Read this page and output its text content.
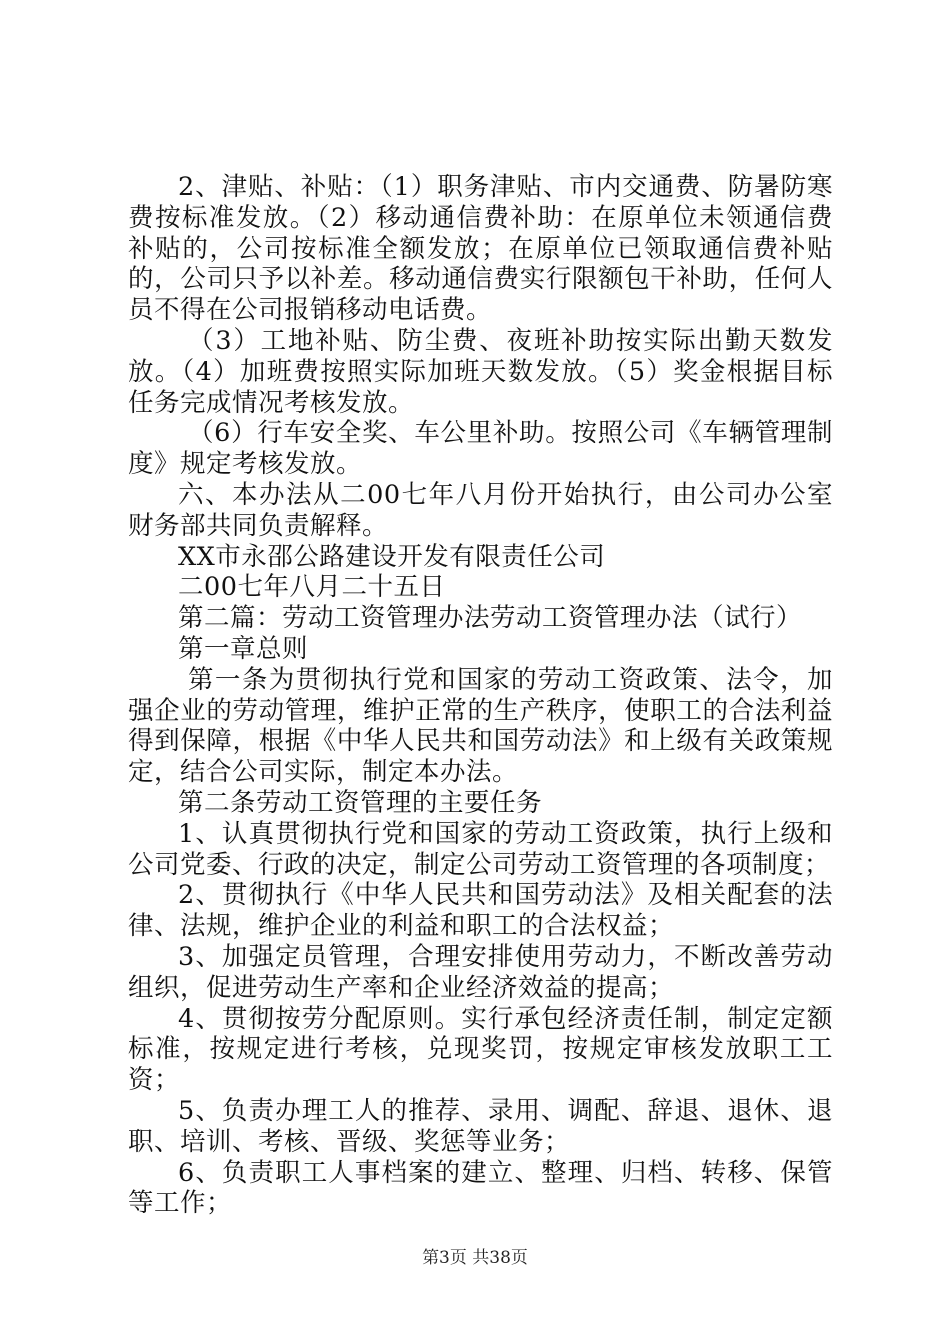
2、津贴、补贴：（1）职务津贴、市内交通费、防暑防寒费按标准发放。（2）移动通信费补助：在原单位未领通信费补贴的，公司按标准全额发放；在原单位已领取通信费补贴的，公司只予以补差。移动通信费实行限额包干补助，任何人员不得在公司报销移动电话费。

（3）工地补贴、防尘费、夜班补助按实际出勤天数发放。（4）加班费按照实际加班天数发放。（5）奖金根据目标任务完成情况考核发放。

（6）行车安全奖、车公里补助。按照公司《车辆管理制度》规定考核发放。

六、本办法从二00七年八月份开始执行，由公司办公室财务部共同负责解释。

XX市永邵公路建设开发有限责任公司

二00七年八月二十五日

第二篇：劳动工资管理办法劳动工资管理办法（试行）

第一章总则

第一条为贯彻执行党和国家的劳动工资政策、法令，加强企业的劳动管理，维护正常的生产秩序，使职工的合法利益得到保障，根据《中华人民共和国劳动法》和上级有关政策规定，结合公司实际，制定本办法。

第二条劳动工资管理的主要任务

1、认真贯彻执行党和国家的劳动工资政策，执行上级和公司党委、行政的决定，制定公司劳动工资管理的各项制度；

2、贯彻执行《中华人民共和国劳动法》及相关配套的法律、法规，维护企业的利益和职工的合法权益；

3、加强定员管理，合理安排使用劳动力，不断改善劳动组织，促进劳动生产率和企业经济效益的提高；

4、贯彻按劳分配原则。实行承包经济责任制，制定定额标准，按规定进行考核，兑现奖罚，按规定审核发放职工工资；

5、负责办理工人的推荐、录用、调配、辞退、退休、退职、培训、考核、晋级、奖惩等业务；

6、负责职工人事档案的建立、整理、归档、转移、保管等工作；

第3页 共38页
